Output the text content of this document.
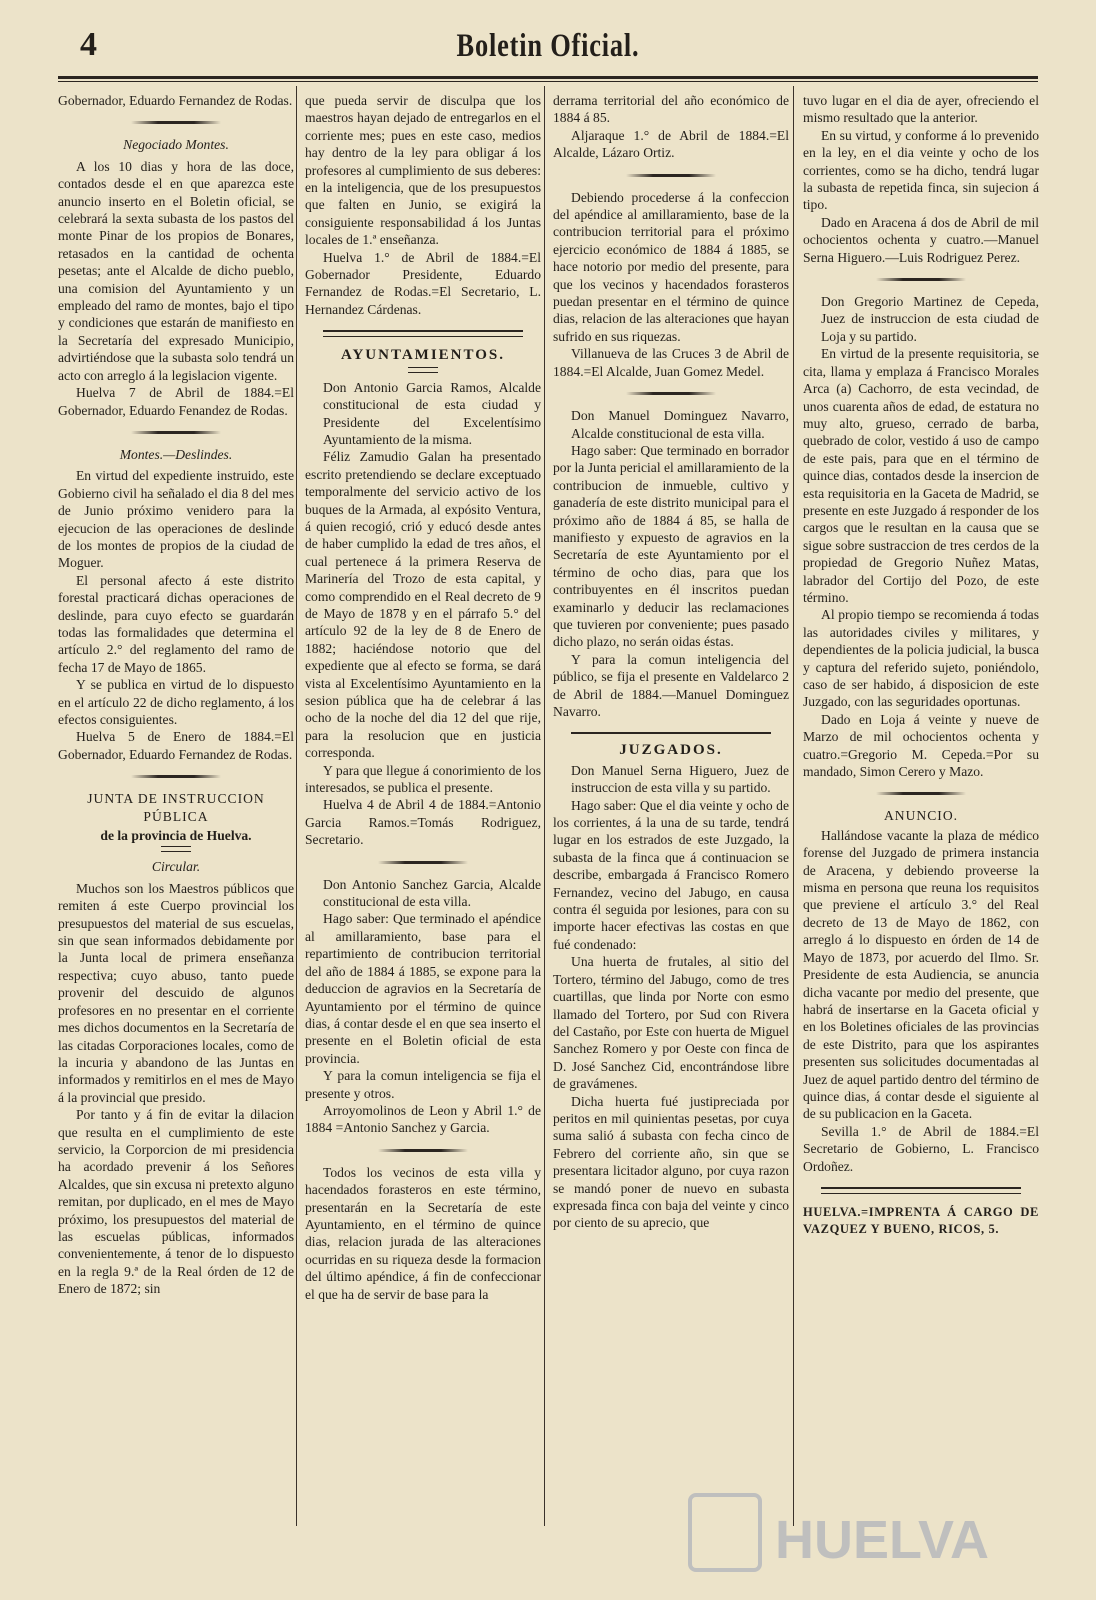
4	Boletin Oficial.

Gobernador, Eduardo Fernandez de Rodas.

Negociado Montes.

A los 10 dias y hora de las doce, contados desde el en que aparezca este anuncio inserto en el Boletin oficial, se celebrará la sexta subasta de los pastos del monte Pinar de los propios de Bonares, retasados en la cantidad de ochenta pesetas; ante el Alcalde de dicho pueblo, una comision del Ayuntamiento y un empleado del ramo de montes, bajo el tipo y condiciones que estarán de manifiesto en la Secretaría del expresado Municipio, advirtiéndose que la subasta solo tendrá un acto con arreglo á la legislacion vigente.

Huelva 7 de Abril de 1884.=El Gobernador, Eduardo Fenandez de Rodas.

Montes.—Deslindes.

En virtud del expediente instruido, este Gobierno civil ha señalado el dia 8 del mes de Junio próximo venidero para la ejecucion de las operaciones de deslinde de los montes de propios de la ciudad de Moguer.

El personal afecto á este distrito forestal practicará dichas operaciones de deslinde, para cuyo efecto se guardarán todas las formalidades que determina el artículo 2.° del reglamento del ramo de fecha 17 de Mayo de 1865.

Y se publica en virtud de lo dispuesto en el artículo 22 de dicho reglamento, á los efectos consiguientes.

Huelva 5 de Enero de 1884.=El Gobernador, Eduardo Fernandez de Rodas.

JUNTA DE INSTRUCCION PÚBLICA
de la provincia de Huelva.
Circular.

Muchos son los Maestros públicos que remiten á este Cuerpo provincial los presupuestos del material de sus escuelas, sin que sean informados debidamente por la Junta local de primera enseñanza respectiva; cuyo abuso, tanto puede provenir del descuido de algunos profesores en no presentar en el corriente mes dichos documentos en la Secretaría de las citadas Corporaciones locales, como de la incuria y abandono de las Juntas en informados y remitirlos en el mes de Mayo á la provincial que presido.

Por tanto y á fin de evitar la dilacion que resulta en el cumplimiento de este servicio, la Corporcion de mi presidencia ha acordado prevenir á los Señores Alcaldes, que sin excusa ni pretexto alguno remitan, por duplicado, en el mes de Mayo próximo, los presupuestos del material de las escuelas públicas, informados convenientemente, á tenor de lo dispuesto en la regla 9.ª de la Real órden de 12 de Enero de 1872; sin

que pueda servir de disculpa que los maestros hayan dejado de entregarlos en el corriente mes; pues en este caso, medios hay dentro de la ley para obligar á los profesores al cumplimiento de sus deberes: en la inteligencia, que de los presupuestos que falten en Junio, se exigirá la consiguiente responsabilidad á los Juntas locales de 1.ª enseñanza.

Huelva 1.° de Abril de 1884.=El Gobernador Presidente, Eduardo Fernandez de Rodas.=El Secretario, L. Hernandez Cárdenas.

AYUNTAMIENTOS.

Don Antonio Garcia Ramos, Alcalde constitucional de esta ciudad y Presidente del Excelentísimo Ayuntamiento de la misma.

Féliz Zamudio Galan ha presentado escrito pretendiendo se declare exceptuado temporalmente del servicio activo de los buques de la Armada, al expósito Ventura, á quien recogió, crió y educó desde antes de haber cumplido la edad de tres años, el cual pertenece á la primera Reserva de Marinería del Trozo de esta capital, y como comprendido en el Real decreto de 9 de Mayo de 1878 y en el párrafo 5.° del artículo 92 de la ley de 8 de Enero de 1882; haciéndose notorio que del expediente que al efecto se forma, se dará vista al Excelentísimo Ayuntamiento en la sesion pública que ha de celebrar á las ocho de la noche del dia 12 del que rije, para la resolucion que en justicia corresponda.

Y para que llegue á conorimiento de los interesados, se publica el presente.

Huelva 4 de Abril 4 de 1884.=Antonio Garcia Ramos.=Tomás Rodriguez, Secretario.

Don Antonio Sanchez Garcia, Alcalde constitucional de esta villa.

Hago saber: Que terminado el apéndice al amillaramiento, base para el repartimiento de contribucion territorial del año de 1884 á 1885, se expone para la deduccion de agravios en la Secretaría de Ayuntamiento por el término de quince dias, á contar desde el en que sea inserto el presente en el Boletin oficial de esta provincia.

Y para la comun inteligencia se fija el presente y otros.

Arroyomolinos de Leon y Abril 1.° de 1884 =Antonio Sanchez y Garcia.

Todos los vecinos de esta villa y hacendados forasteros en este término, presentarán en la Secretaría de este Ayuntamiento, en el término de quince dias, relacion jurada de las alteraciones ocurridas en su riqueza desde la formacion del último apéndice, á fin de confeccionar el que ha de servir de base para la

derrama territorial del año económico de 1884 á 85.

Aljaraque 1.° de Abril de 1884.=El Alcalde, Lázaro Ortiz.

Debiendo procederse á la confeccion del apéndice al amillaramiento, base de la contribucion territorial para el próximo ejercicio económico de 1884 á 1885, se hace notorio por medio del presente, para que los vecinos y hacendados forasteros puedan presentar en el término de quince dias, relacion de las alteraciones que hayan sufrido en sus riquezas.

Villanueva de las Cruces 3 de Abril de 1884.=El Alcalde, Juan Gomez Medel.

Don Manuel Dominguez Navarro, Alcalde constitucional de esta villa.

Hago saber: Que terminado en borrador por la Junta pericial el amillaramiento de la contribucion de inmueble, cultivo y ganadería de este distrito municipal para el próximo año de 1884 á 85, se halla de manifiesto y expuesto de agravios en la Secretaría de este Ayuntamiento por el término de ocho dias, para que los contribuyentes en él inscritos puedan examinarlo y deducir las reclamaciones que tuvieren por conveniente; pues pasado dicho plazo, no serán oidas éstas.

Y para la comun inteligencia del público, se fija el presente en Valdelarco 2 de Abril de 1884.—Manuel Dominguez Navarro.

JUZGADOS.

Don Manuel Serna Higuero, Juez de instruccion de esta villa y su partido.

Hago saber: Que el dia veinte y ocho de los corrientes, á la una de su tarde, tendrá lugar en los estrados de este Juzgado, la subasta de la finca que á continuacion se describe, embargada á Francisco Romero Fernandez, vecino del Jabugo, en causa contra él seguida por lesiones, para con su importe hacer efectivas las costas en que fué condenado:

Una huerta de frutales, al sitio del Tortero, término del Jabugo, como de tres cuartillas, que linda por Norte con esmo llamado del Tortero, por Sud con Rivera del Castaño, por Este con huerta de Miguel Sanchez Romero y por Oeste con finca de D. José Sanchez Cid, encontrándose libre de gravámenes.

Dicha huerta fué justipreciada por peritos en mil quinientas pesetas, por cuya suma salió á subasta con fecha cinco de Febrero del corriente año, sin que se presentara licitador alguno, por cuya razon se mandó poner de nuevo en subasta expresada finca con baja del veinte y cinco por ciento de su aprecio, que

tuvo lugar en el dia de ayer, ofreciendo el mismo resultado que la anterior.

En su virtud, y conforme á lo prevenido en la ley, en el dia veinte y ocho de los corrientes, como se ha dicho, tendrá lugar la subasta de repetida finca, sin sujecion á tipo.

Dado en Aracena á dos de Abril de mil ochocientos ochenta y cuatro.—Manuel Serna Higuero.—Luis Rodriguez Perez.

Don Gregorio Martinez de Cepeda, Juez de instruccion de esta ciudad de Loja y su partido.

En virtud de la presente requisitoria, se cita, llama y emplaza á Francisco Morales Arca (a) Cachorro, de esta vecindad, de unos cuarenta años de edad, de estatura no muy alto, grueso, cerrado de barba, quebrado de color, vestido á uso de campo de este pais, para que en el término de quince dias, contados desde la insercion de esta requisitoria en la Gaceta de Madrid, se presente en este Juzgado á responder de los cargos que le resultan en la causa que se sigue sobre sustraccion de tres cerdos de la propiedad de Gregorio Nuñez Matas, labrador del Cortijo del Pozo, de este término.

Al propio tiempo se recomienda á todas las autoridades civiles y militares, y dependientes de la policia judicial, la busca y captura del referido sujeto, poniéndolo, caso de ser habido, á disposicion de este Juzgado, con las seguridades oportunas.

Dado en Loja á veinte y nueve de Marzo de mil ochocientos ochenta y cuatro.=Gregorio M. Cepeda.=Por su mandado, Simon Cerero y Mazo.

ANUNCIO.

Hallándose vacante la plaza de médico forense del Juzgado de primera instancia de Aracena, y debiendo proveerse la misma en persona que reuna los requisitos que previene el artículo 3.° del Real decreto de 13 de Mayo de 1862, con arreglo á lo dispuesto en órden de 14 de Mayo de 1873, por acuerdo del Ilmo. Sr. Presidente de esta Audiencia, se anuncia dicha vacante por medio del presente, que habrá de insertarse en la Gaceta oficial y en los Boletines oficiales de las provincias de este Distrito, para que los aspirantes presenten sus solicitudes documentadas al Juez de aquel partido dentro del término de quince dias, á contar desde el siguiente al de su publicacion en la Gaceta.

Sevilla 1.° de Abril de 1884.=El Secretario de Gobierno, L. Francisco Ordoñez.

HUELVA.=IMPRENTA Á CARGO DE VAZQUEZ Y BUENO, RICOS, 5.
HUELVA
